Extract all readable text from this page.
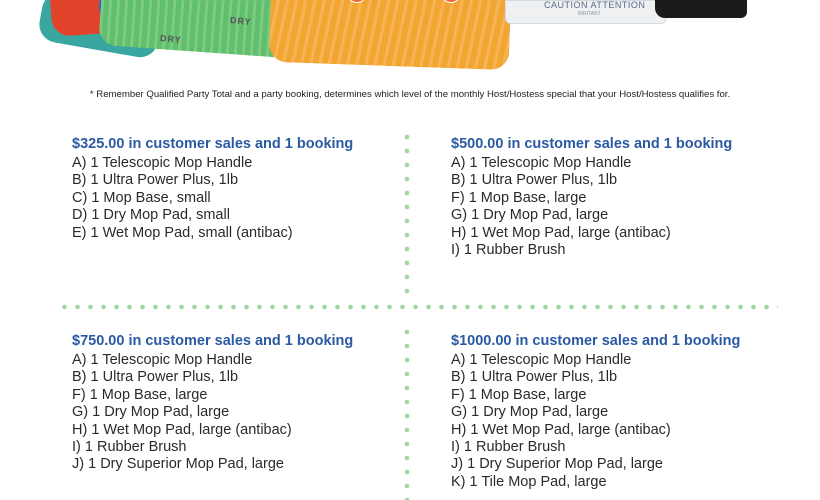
DRY
DRY
CAUTION ATTENTION
IRRITANT
* Remember Qualified Party Total and a party booking, determines which level of the monthly Host/Hostess special that your Host/Hostess qualifies for.
$325.00 in customer sales and 1 booking
A) 1 Telescopic Mop Handle
B) 1 Ultra Power Plus, 1lb
C) 1 Mop Base, small
D) 1 Dry Mop Pad, small
E) 1 Wet Mop Pad, small (antibac)
$500.00 in customer sales and 1 booking
A) 1 Telescopic Mop Handle
B) 1 Ultra Power Plus, 1lb
F) 1 Mop Base, large
G) 1 Dry Mop Pad, large
H) 1 Wet Mop Pad, large (antibac)
I) 1 Rubber Brush
$750.00 in customer sales and 1 booking
A) 1 Telescopic Mop Handle
B) 1 Ultra Power Plus, 1lb
F) 1 Mop Base, large
G) 1 Dry Mop Pad, large
H) 1 Wet Mop Pad, large (antibac)
I) 1 Rubber Brush
J) 1 Dry Superior Mop Pad, large
$1000.00 in customer sales and 1 booking
A) 1 Telescopic Mop Handle
B) 1 Ultra Power Plus, 1lb
F) 1 Mop Base, large
G) 1 Dry Mop Pad, large
H) 1 Wet Mop Pad, large (antibac)
I) 1 Rubber Brush
J) 1 Dry Superior Mop Pad, large
K) 1 Tile Mop Pad, large
